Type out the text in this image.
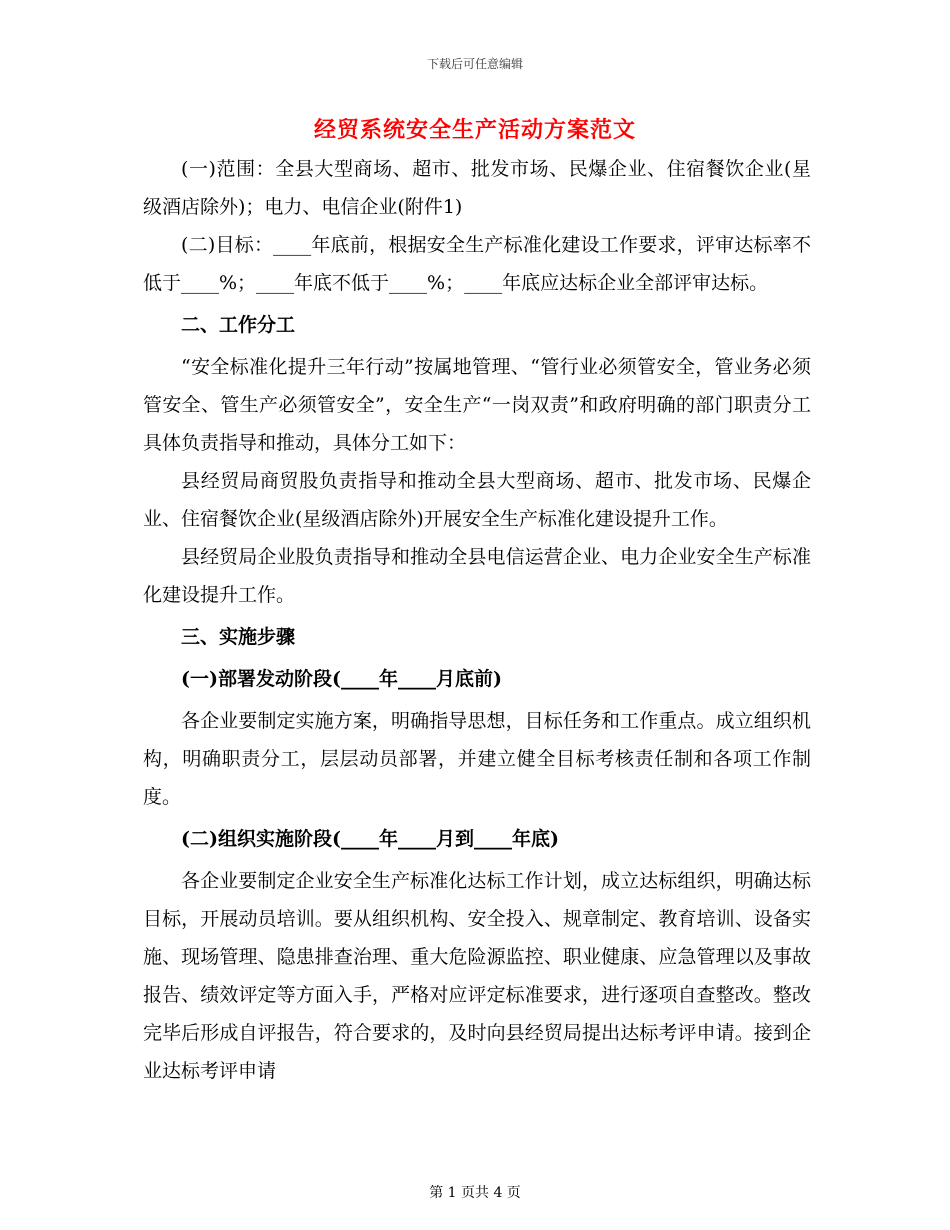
下载后可任意编辑
经贸系统安全生产活动方案范文

(一)范围：全县大型商场、超市、批发市场、民爆企业、住宿餐饮企业(星级酒店除外)；电力、电信企业(附件1)

(二)目标：____年底前，根据安全生产标准化建设工作要求，评审达标率不低于____%；____年底不低于____%；____年底应达标企业全部评审达标。

二、工作分工

“安全标准化提升三年行动”按属地管理、“管行业必须管安全，管业务必须管安全、管生产必须管安全”，安全生产“一岗双责”和政府明确的部门职责分工具体负责指导和推动，具体分工如下：

县经贸局商贸股负责指导和推动全县大型商场、超市、批发市场、民爆企业、住宿餐饮企业(星级酒店除外)开展安全生产标准化建设提升工作。

县经贸局企业股负责指导和推动全县电信运营企业、电力企业安全生产标准化建设提升工作。

三、实施步骤

(一)部署发动阶段(____年____月底前)

各企业要制定实施方案，明确指导思想，目标任务和工作重点。成立组织机构，明确职责分工，层层动员部署，并建立健全目标考核责任制和各项工作制度。

(二)组织实施阶段(____年____月到____年底)

各企业要制定企业安全生产标准化达标工作计划，成立达标组织，明确达标目标，开展动员培训。要从组织机构、安全投入、规章制定、教育培训、设备实施、现场管理、隐患排查治理、重大危险源监控、职业健康、应急管理以及事故报告、绩效评定等方面入手，严格对应评定标准要求，进行逐项自查整改。整改完毕后形成自评报告，符合要求的，及时向县经贸局提出达标考评申请。接到企业达标考评申请

第 1 页共 4 页
